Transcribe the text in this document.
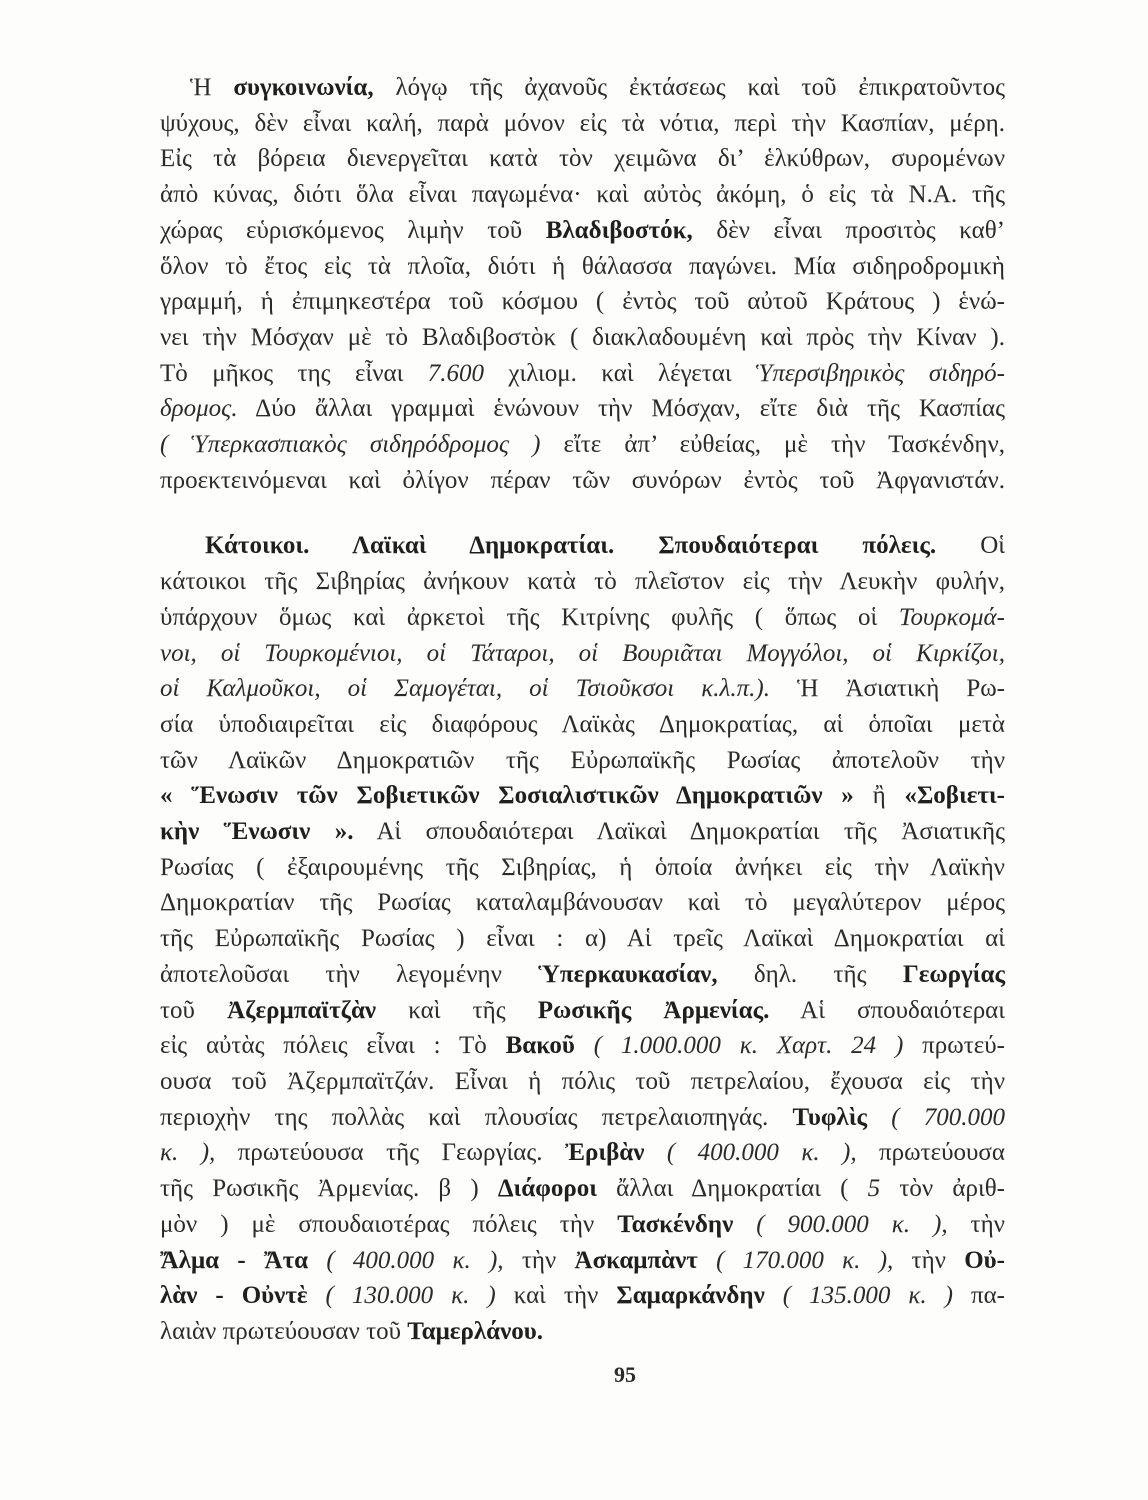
Ἡ συγκοινωνία, λόγῳ τῆς ἀχανοῦς ἐκτάσεως καὶ τοῦ ἐπικρατοῦντος
ψύχους, δὲν εἶναι καλή, παρὰ μόνον εἰς τὰ νότια, περὶ τὴν Κασπίαν, μέρη.
Εἰς τὰ βόρεια διενεργεῖται κατὰ τὸν χειμῶνα δι’ ἑλκύθρων, συρομένων
ἀπὸ κύνας, διότι ὅλα εἶναι παγωμένα· καὶ αὐτὸς ἀκόμη, ὁ εἰς τὰ Ν.Α. τῆς
χώρας εὑρισκόμενος λιμὴν τοῦ Βλαδιβοστόκ, δὲν εἶναι προσιτὸς καθ’
ὅλον τὸ ἔτος εἰς τὰ πλοῖα, διότι ἡ θάλασσα παγώνει. Μία σιδηροδρομικὴ
γραμμή, ἡ ἐπιμηκεστέρα τοῦ κόσμου ( ἐντὸς τοῦ αὐτοῦ Κράτους ) ἑνώ-
νει τὴν Μόσχαν μὲ τὸ Βλαδιβοστὸκ ( διακλαδουμένη καὶ πρὸς τὴν Κίναν ).
Τὸ μῆκος της εἶναι 7.600 χιλιομ. καὶ λέγεται Ὑπερσιβηρικὸς σιδηρό-
δρομος. Δύο ἄλλαι γραμμαὶ ἑνώνουν τὴν Μόσχαν, εἴτε διὰ τῆς Κασπίας
( Ὑπερκασπιακὸς σιδηρόδρομος ) εἴτε ἀπ’ εὐθείας, μὲ τὴν Τασκένδην,
προεκτεινόμεναι καὶ ὀλίγον πέραν τῶν συνόρων ἐντὸς τοῦ Ἀφγανιστάν.
Κάτοικοι. Λαϊκαὶ Δημοκρατίαι. Σπουδαιότεραι πόλεις. Οἱ
κάτοικοι τῆς Σιβηρίας ἀνήκουν κατὰ τὸ πλεῖστον εἰς τὴν Λευκὴν φυλήν,
ὑπάρχουν ὅμως καὶ ἀρκετοὶ τῆς Κιτρίνης φυλῆς ( ὅπως οἱ Τουρκομά-
νοι, οἱ Τουρκομένιοι, οἱ Τάταροι, οἱ Βουριᾶται Μογγόλοι, οἱ Κιρκίζοι,
οἱ Καλμοῦκοι, οἱ Σαμογέται, οἱ Τσιοῦκσοι κ.λ.π.). Ἡ Ἀσιατικὴ Ρω-
σία ὑποδιαιρεῖται εἰς διαφόρους Λαϊκὰς Δημοκρατίας, αἱ ὁποῖαι μετὰ
τῶν Λαϊκῶν Δημοκρατιῶν τῆς Εὐρωπαϊκῆς Ρωσίας ἀποτελοῦν τὴν
« Ἕνωσιν τῶν Σοβιετικῶν Σοσιαλιστικῶν Δημοκρατιῶν » ἢ «Σοβιετι-
κὴν Ἕνωσιν ». Αἱ σπουδαιότεραι Λαϊκαὶ Δημοκρατίαι τῆς Ἀσιατικῆς
Ρωσίας ( ἐξαιρουμένης τῆς Σιβηρίας, ἡ ὁποία ἀνήκει εἰς τὴν Λαϊκὴν
Δημοκρατίαν τῆς Ρωσίας καταλαμβάνουσαν καὶ τὸ μεγαλύτερον μέρος
τῆς Εὐρωπαϊκῆς Ρωσίας ) εἶναι : α) Αἱ τρεῖς Λαϊκαὶ Δημοκρατίαι αἱ
ἀποτελοῦσαι τὴν λεγομένην Ὑπερκαυκασίαν, δηλ. τῆς Γεωργίας
τοῦ Ἀζερμπαϊτζὰν καὶ τῆς Ρωσικῆς Ἀρμενίας. Αἱ σπουδαιότεραι
εἰς αὐτὰς πόλεις εἶναι : Τὸ Βακοῦ ( 1.000.000 κ. Χαρτ. 24 ) πρωτεύ-
ουσα τοῦ Ἀζερμπαϊτζάν. Εἶναι ἡ πόλις τοῦ πετρελαίου, ἔχουσα εἰς τὴν
περιοχὴν της πολλὰς καὶ πλουσίας πετρελαιοπηγάς. Τυφλὶς ( 700.000
κ. ), πρωτεύουσα τῆς Γεωργίας. Ἐριβὰν ( 400.000 κ. ), πρωτεύουσα
τῆς Ρωσικῆς Ἀρμενίας. β ) Διάφοροι ἄλλαι Δημοκρατίαι ( 5 τὸν ἀριθ-
μὸν ) μὲ σπουδαιοτέρας πόλεις τὴν Τασκένδην ( 900.000 κ. ), τὴν
Ἄλμα - Ἄτα ( 400.000 κ. ), τὴν Ἀσκαμπὰντ ( 170.000 κ. ), τὴν Οὐ-
λὰν - Οὐντὲ ( 130.000 κ. ) καὶ τὴν Σαμαρκάνδην ( 135.000 κ. ) πα-
λαιὰν πρωτεύουσαν τοῦ Ταμερλάνου.
95
